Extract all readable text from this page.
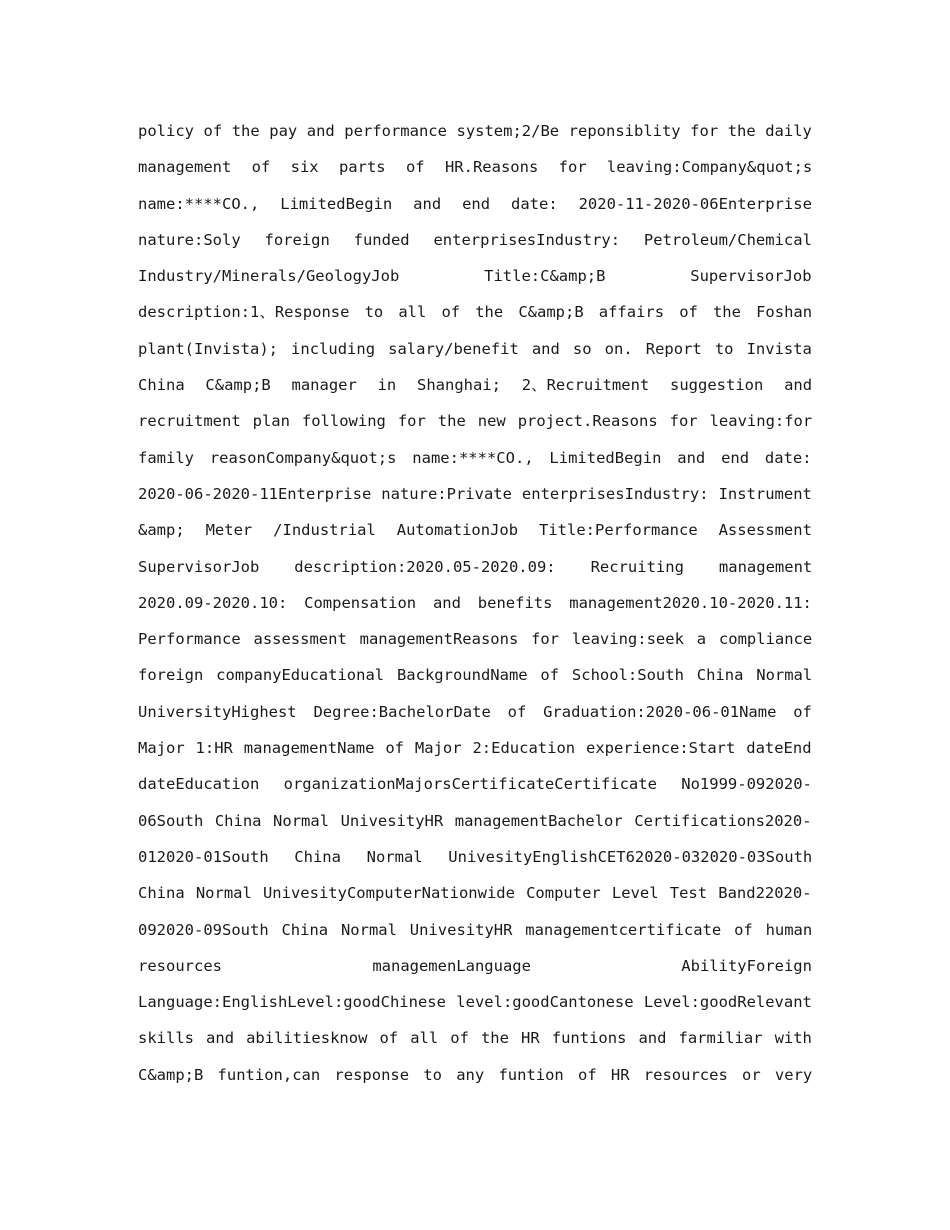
policy of the pay and performance system;2/Be reponsiblity for the daily
management of six parts of HR.Reasons for leaving:Company&quot;s
name:****CO., LimitedBegin and end date: 2020-11-2020-06Enterprise
nature:Soly foreign funded enterprisesIndustry: Petroleum/Chemical
Industry/Minerals/GeologyJob Title:C&amp;B SupervisorJob
description:1、Response to all of the C&amp;B affairs of the Foshan
plant(Invista); including salary/benefit and so on. Report to Invista
China C&amp;B manager in Shanghai; 2、Recruitment suggestion and
recruitment plan following for the new project.Reasons for leaving:for
family reasonCompany&quot;s name:****CO., LimitedBegin and end date:
2020-06-2020-11Enterprise nature:Private enterprisesIndustry: Instrument
&amp; Meter /Industrial AutomationJob Title:Performance Assessment
SupervisorJob description:2020.05-2020.09: Recruiting management
2020.09-2020.10: Compensation and benefits management2020.10-2020.11:
Performance assessment managementReasons for leaving:seek a compliance
foreign companyEducational BackgroundName of School:South China Normal
UniversityHighest Degree:BachelorDate of Graduation:2020-06-01Name of
Major 1:HR managementName of Major 2:Education experience:Start dateEnd
dateEducation organizationMajorsCertificateCertificate No1999-092020-
06South China Normal UnivesityHR managementBachelor Certifications2020-
012020-01South China Normal UnivesityEnglishCET62020-032020-03South
China Normal UnivesityComputerNationwide Computer Level Test Band22020-
092020-09South China Normal UnivesityHR managementcertificate of human
resources managemenLanguage AbilityForeign
Language:EnglishLevel:goodChinese level:goodCantonese Level:goodRelevant
skills and abilitiesknow of all of the HR funtions and farmiliar with
C&amp;B funtion,can response to any funtion of HR resources or very
